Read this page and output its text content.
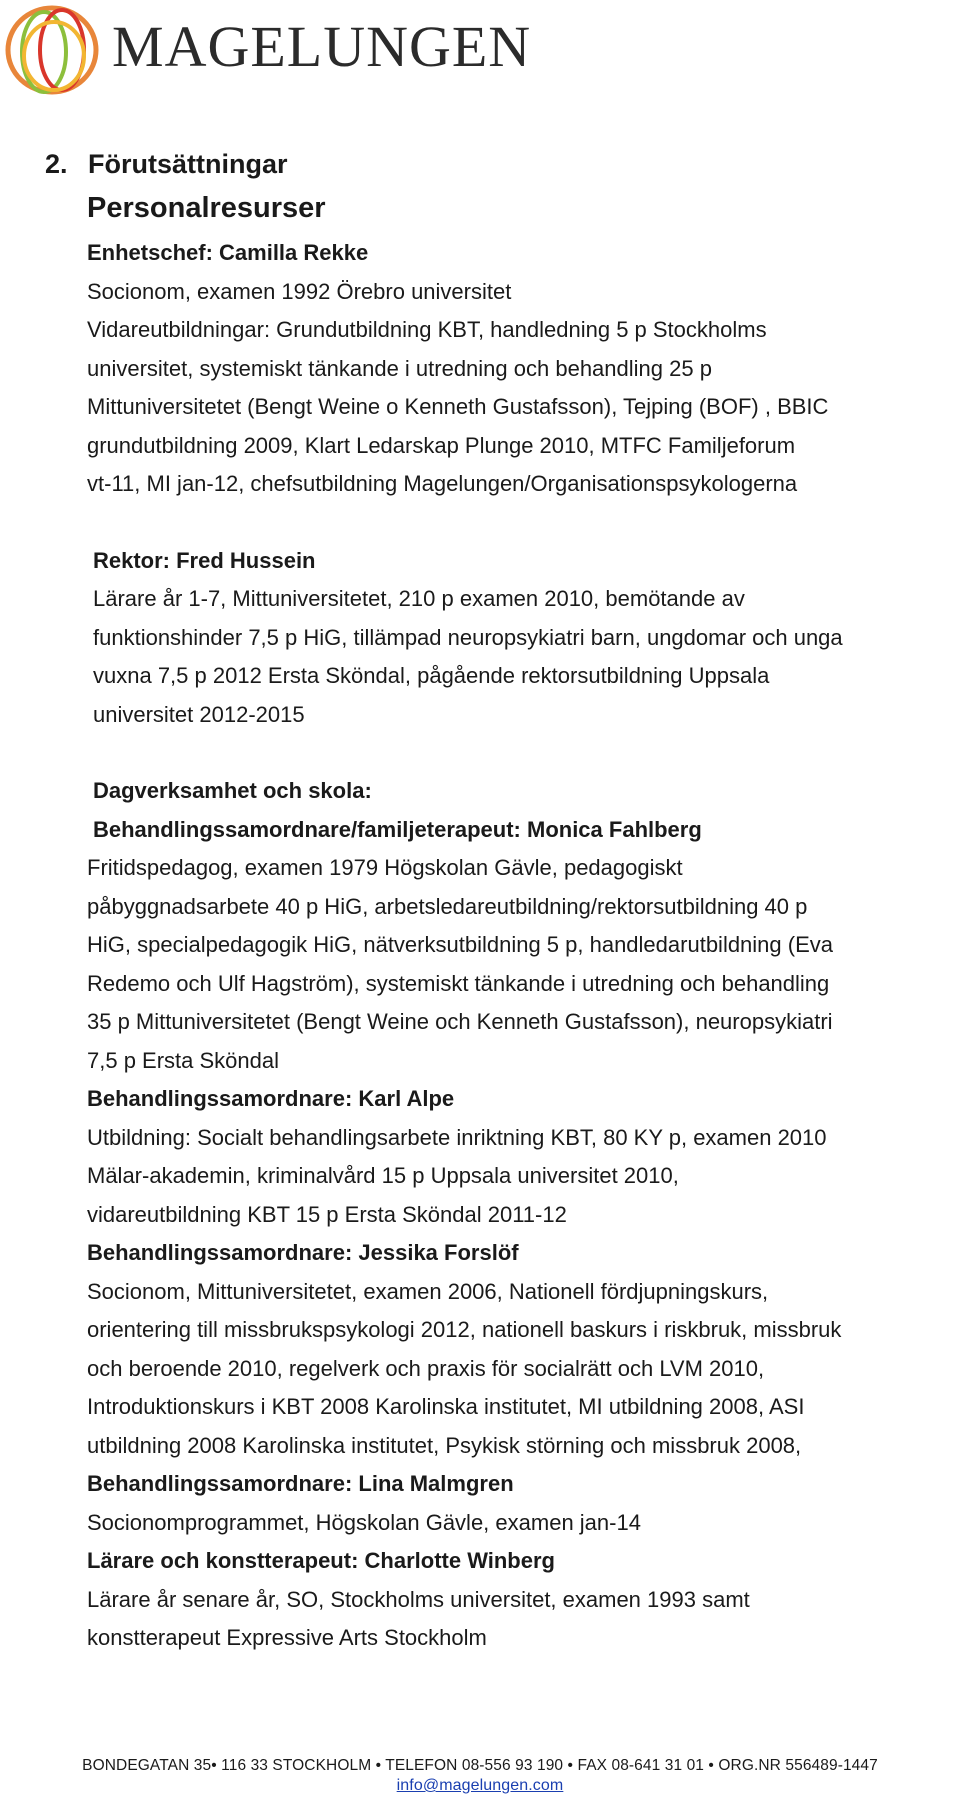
MAGELUNGEN
2. Förutsättningar
Personalresurser
Enhetschef: Camilla Rekke
Socionom, examen 1992 Örebro universitet
Vidareutbildningar: Grundutbildning KBT, handledning 5 p Stockholms
universitet, systemiskt tänkande i utredning och behandling 25 p
Mittuniversitetet (Bengt Weine o Kenneth Gustafsson), Tejping (BOF) , BBIC
grundutbildning 2009, Klart Ledarskap Plunge 2010, MTFC Familjeforum
vt-11, MI jan-12, chefsutbildning Magelungen/Organisationspsykologerna
Rektor: Fred Hussein
Lärare år 1-7, Mittuniversitetet, 210 p examen 2010, bemötande av
funktionshinder 7,5 p HiG, tillämpad neuropsykiatri barn, ungdomar och unga
vuxna 7,5 p 2012 Ersta Sköndal, pågående rektorsutbildning Uppsala
universitet 2012-2015
Dagverksamhet och skola:
Behandlingssamordnare/familjeterapeut: Monica Fahlberg
Fritidspedagog, examen 1979 Högskolan Gävle, pedagogiskt
påbyggnadsarbete 40 p HiG, arbetsledareutbildning/rektorsutbildning 40 p
HiG, specialpedagogik HiG, nätverksutbildning 5 p, handledarutbildning (Eva
Redemo och Ulf Hagström), systemiskt tänkande i utredning och behandling
35 p Mittuniversitetet (Bengt Weine och Kenneth Gustafsson), neuropsykiatri
7,5 p Ersta Sköndal
Behandlingssamordnare: Karl Alpe
Utbildning: Socialt behandlingsarbete inriktning KBT, 80 KY p, examen 2010
Mälar-akademin, kriminalvård 15 p Uppsala universitet 2010,
vidareutbildning KBT 15 p Ersta Sköndal 2011-12
Behandlingssamordnare: Jessika Forslöf
Socionom, Mittuniversitetet, examen 2006, Nationell fördjupningskurs,
orientering till missbrukspsykologi 2012, nationell baskurs i riskbruk, missbruk
och beroende 2010, regelverk och praxis för socialrätt och LVM 2010,
Introduktionskurs i KBT 2008 Karolinska institutet, MI utbildning 2008, ASI
utbildning 2008 Karolinska institutet, Psykisk störning och missbruk 2008,
Behandlingssamordnare: Lina Malmgren
Socionomprogrammet, Högskolan Gävle, examen jan-14
Lärare och konstterapeut: Charlotte Winberg
Lärare år senare år, SO, Stockholms universitet, examen 1993 samt
konstterapeut Expressive Arts Stockholm
BONDEGATAN 35• 116 33 STOCKHOLM • TELEFON 08-556 93 190 • FAX 08-641 31 01 • ORG.NR 556489-1447
info@magelungen.com
